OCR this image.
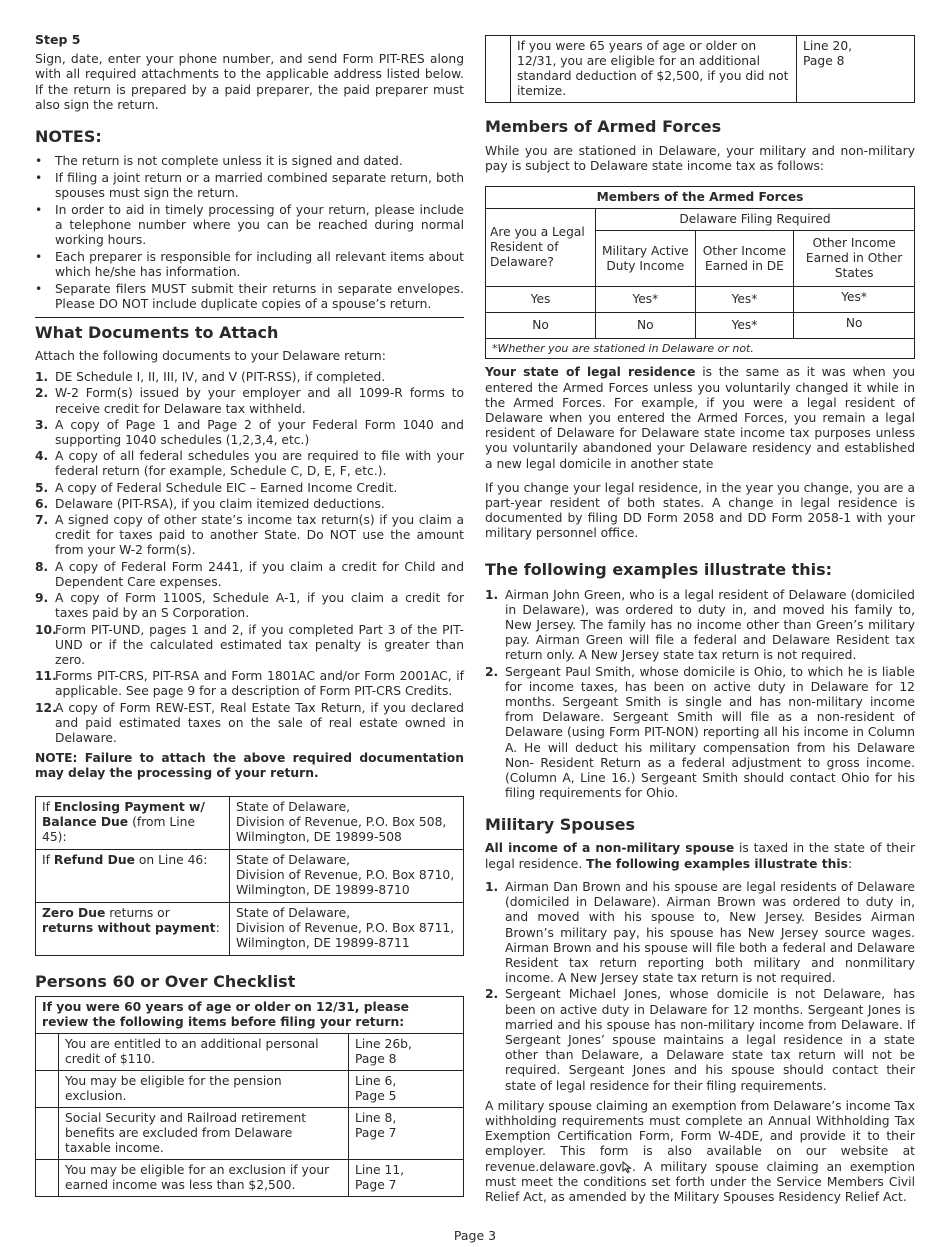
Step 5

Sign, date, enter your phone number, and send Form PIT-RES along with all required attachments to the applicable address listed below. If the return is prepared by a paid preparer, the paid preparer must also sign the return.

NOTES:
• The return is not complete unless it is signed and dated.
• If filing a joint return or a married combined separate return, both spouses must sign the return.
• In order to aid in timely processing of your return, please include a telephone number where you can be reached during normal working hours.
• Each preparer is responsible for including all relevant items about which he/she has information.
• Separate filers MUST submit their returns in separate envelopes. Please DO NOT include duplicate copies of a spouse’s return.
What Documents to Attach

Attach the following documents to your Delaware return:

1. DE Schedule I, II, III, IV, and V (PIT-RSS), if completed.
2. W-2 Form(s) issued by your employer and all 1099-R forms to receive credit for Delaware tax withheld.
3. A copy of Page 1 and Page 2 of your Federal Form 1040 and supporting 1040 schedules (1,2,3,4, etc.)
4. A copy of all federal schedules you are required to file with your federal return (for example, Schedule C, D, E, F, etc.).
5. A copy of Federal Schedule EIC – Earned Income Credit.
6. Delaware (PIT-RSA), if you claim itemized deductions.
7. A signed copy of other state’s income tax return(s) if you claim a credit for taxes paid to another State. Do NOT use the amount from your W-2 form(s).
8. A copy of Federal Form 2441, if you claim a credit for Child and Dependent Care expenses.
9. A copy of Form 1100S, Schedule A-1, if you claim a credit for taxes paid by an S Corporation.
10.
Form PIT-UND, pages 1 and 2, if you completed Part 3 of the PIT-UND or if the calculated estimated tax penalty is greater than zero.
11.
Forms PIT-CRS, PIT-RSA and Form 1801AC and/or Form 2001AC, if applicable. See page 9 for a description of Form PIT-CRS Credits.
12.
A copy of Form REW-EST, Real Estate Tax Return, if you declared and paid estimated taxes on the sale of real estate owned in Delaware.

NOTE: Failure to attach the above required documentation may delay the processing of your return.

If Enclosing Payment w/ Balance Due (from Line 45):	State of Delaware,
Division of Revenue, P.O. Box 508,
Wilmington, DE 19899-508

If Refund Due on Line 46:	State of Delaware,
Division of Revenue, P.O. Box 8710,
Wilmington, DE 19899-8710

Zero Due returns or returns without payment:	State of Delaware,
Division of Revenue, P.O. Box 8711,
Wilmington, DE 19899-8711
Persons 60 or Over Checklist
If you were 60 years of age or older on 12/31, please review the following items before filing your return:		
	You are entitled to an additional personal credit of $110.	Line 26b,
Page 8

	You may be eligible for the pension exclusion.	Line 6,
Page 5

	Social Security and Railroad retirement benefits are excluded from Delaware taxable income.	Line 8,
Page 7

	You may be eligible for an exclusion if your earned income was less than $2,500.	Line 11,
Page 7
	If you were 65 years of age or older on 12/31, you are eligible for an additional standard deduction of $2,500, if you did not itemize.	
Line 20,
Page 8
Members of Armed Forces

While you are stationed in Delaware, your military and non-military pay is subject to Delaware state income tax as follows:

Members of the Armed Forces			
Are you a Legal Resident of Delaware?	Delaware Filing Required		
	Military Active Duty Income	Other Income Earned in DE	Other Income Earned in Other States
Yes	Yes*	Yes*	Yes*
No	No	Yes*	No
*Whether you are stationed in Delaware or not.			

Your state of legal residence is the same as it was when you entered the Armed Forces unless you voluntarily changed it while in the Armed Forces. For example, if you were a legal resident of Delaware when you entered the Armed Forces, you remain a legal resident of Delaware for Delaware state income tax purposes unless you voluntarily abandoned your Delaware residency and established a new legal domicile in another state

If you change your legal residence, in the year you change, you are a part-year resident of both states. A change in legal residence is documented by filing DD Form 2058 and DD Form 2058-1 with your military personnel office.

The following examples illustrate this:
1. Airman John Green, who is a legal resident of Delaware (domiciled in Delaware), was ordered to duty in, and moved his family to, New Jersey. The family has no income other than Green’s military pay. Airman Green will file a federal and Delaware Resident tax return only. A New Jersey state tax return is not required.
2. Sergeant Paul Smith, whose domicile is Ohio, to which he is liable for income taxes, has been on active duty in Delaware for 12 months. Sergeant Smith is single and has non-military income from Delaware. Sergeant Smith will file as a non-resident of Delaware (using Form PIT-NON) reporting all his income in Column A. He will deduct his military compensation from his Delaware Non- Resident Return as a federal adjustment to gross income. (Column A, Line 16.) Sergeant Smith should contact Ohio for his filing requirements for Ohio.
Military Spouses

All income of a non-military spouse is taxed in the state of their legal residence. The following examples illustrate this:

1. Airman Dan Brown and his spouse are legal residents of Delaware (domiciled in Delaware). Airman Brown was ordered to duty in, and moved with his spouse to, New Jersey. Besides Airman Brown’s military pay, his spouse has New Jersey source wages. Airman Brown and his spouse will file both a federal and Delaware Resident tax return reporting both military and nonmilitary income. A New Jersey state tax return is not required.
2. Sergeant Michael Jones, whose domicile is not Delaware, has been on active duty in Delaware for 12 months. Sergeant Jones is married and his spouse has non-military income from Delaware. If Sergeant Jones’ spouse maintains a legal residence in a state other than Delaware, a Delaware state tax return will not be required. Sergeant Jones and his spouse should contact their state of legal residence for their filing requirements.

A military spouse claiming an exemption from Delaware’s income Tax withholding requirements must complete an Annual Withholding Tax Exemption Certification Form, Form W-4DE, and provide it to their employer. This form is also available on our website at revenue.delaware.gov . A military spouse claiming an exemption must meet the conditions set forth under the Service Members Civil Relief Act, as amended by the Military Spouses Residency Relief Act.

Page 3
